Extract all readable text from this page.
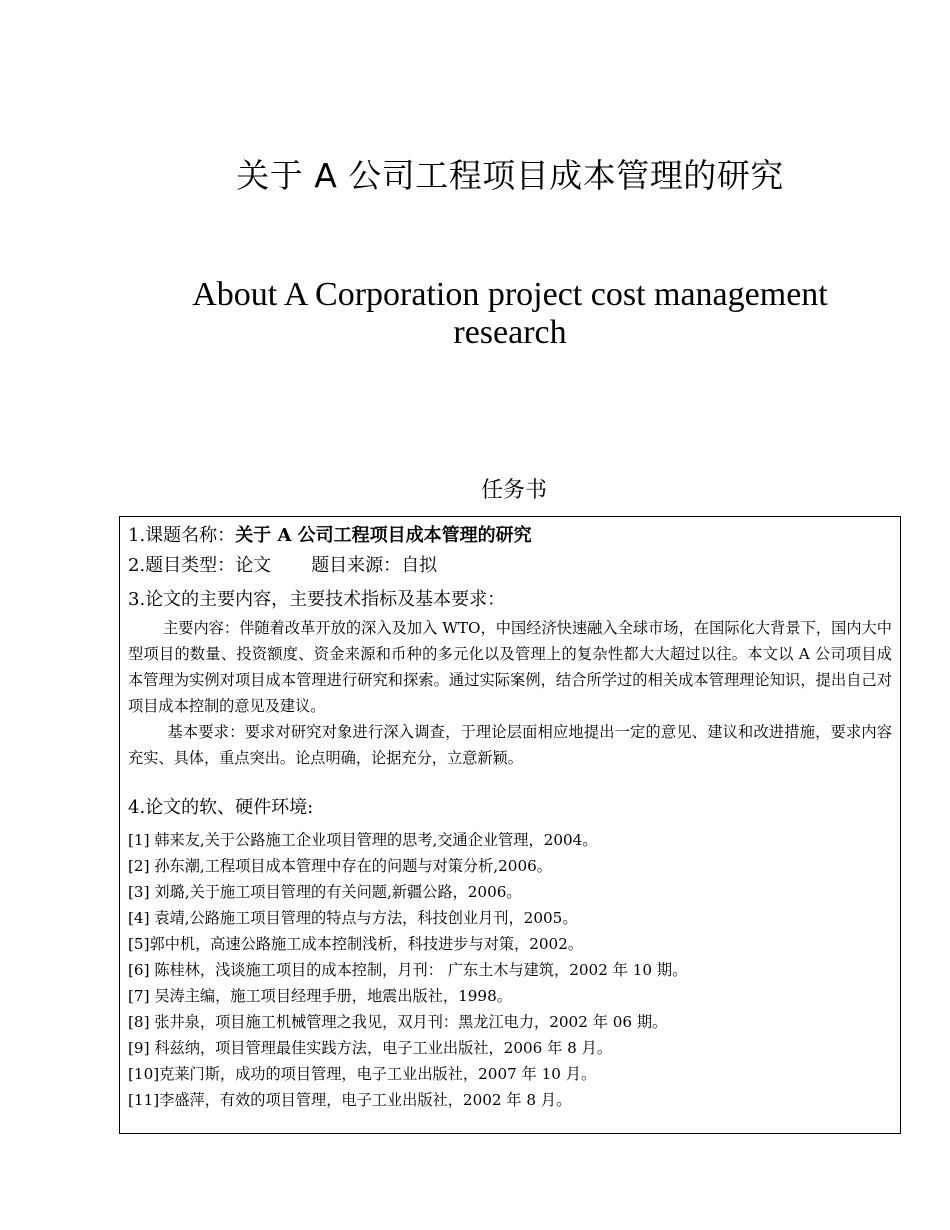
关于 A 公司工程项目成本管理的研究
About A Corporation project cost management research
任务书
1.课题名称：关于 A 公司工程项目成本管理的研究
2.题目类型：论文 题目来源：自拟
3.论文的主要内容，主要技术指标及基本要求：

主要内容：伴随着改革开放的深入及加入 WTO，中国经济快速融入全球市场，在国际化大背景下，国内大中型项目的数量、投资额度、资金来源和币种的多元化以及管理上的复杂性都大大超过以往。本文以 A 公司项目成本管理为实例对项目成本管理进行研究和探索。通过实际案例，结合所学过的相关成本管理理论知识，提出自己对项目成本控制的意见及建议。

基本要求：要求对研究对象进行深入调查，于理论层面相应地提出一定的意见、建议和改进措施，要求内容充实、具体，重点突出。论点明确，论据充分，立意新颖。

4.论文的软、硬件环境:
[1] 韩来友,关于公路施工企业项目管理的思考,交通企业管理，2004。
[2] 孙东潮,工程项目成本管理中存在的问题与对策分析,2006。
[3] 刘璐,关于施工项目管理的有关问题,新疆公路，2006。
[4] 袁靖,公路施工项目管理的特点与方法，科技创业月刊，2005。
[5]郭中机，高速公路施工成本控制浅析，科技进步与对策，2002。
[6] 陈桂林，浅谈施工项目的成本控制，月刊： 广东土木与建筑，2002 年 10 期。
[7] 吴涛主编，施工项目经理手册，地震出版社，1998。
[8] 张井泉，项目施工机械管理之我见，双月刊：黑龙江电力，2002 年 06 期。
[9] 科兹纳，项目管理最佳实践方法，电子工业出版社，2006 年 8 月。
[10]克莱门斯，成功的项目管理，电子工业出版社，2007 年 10 月。
[11]李盛萍，有效的项目管理，电子工业出版社，2002 年 8 月。
